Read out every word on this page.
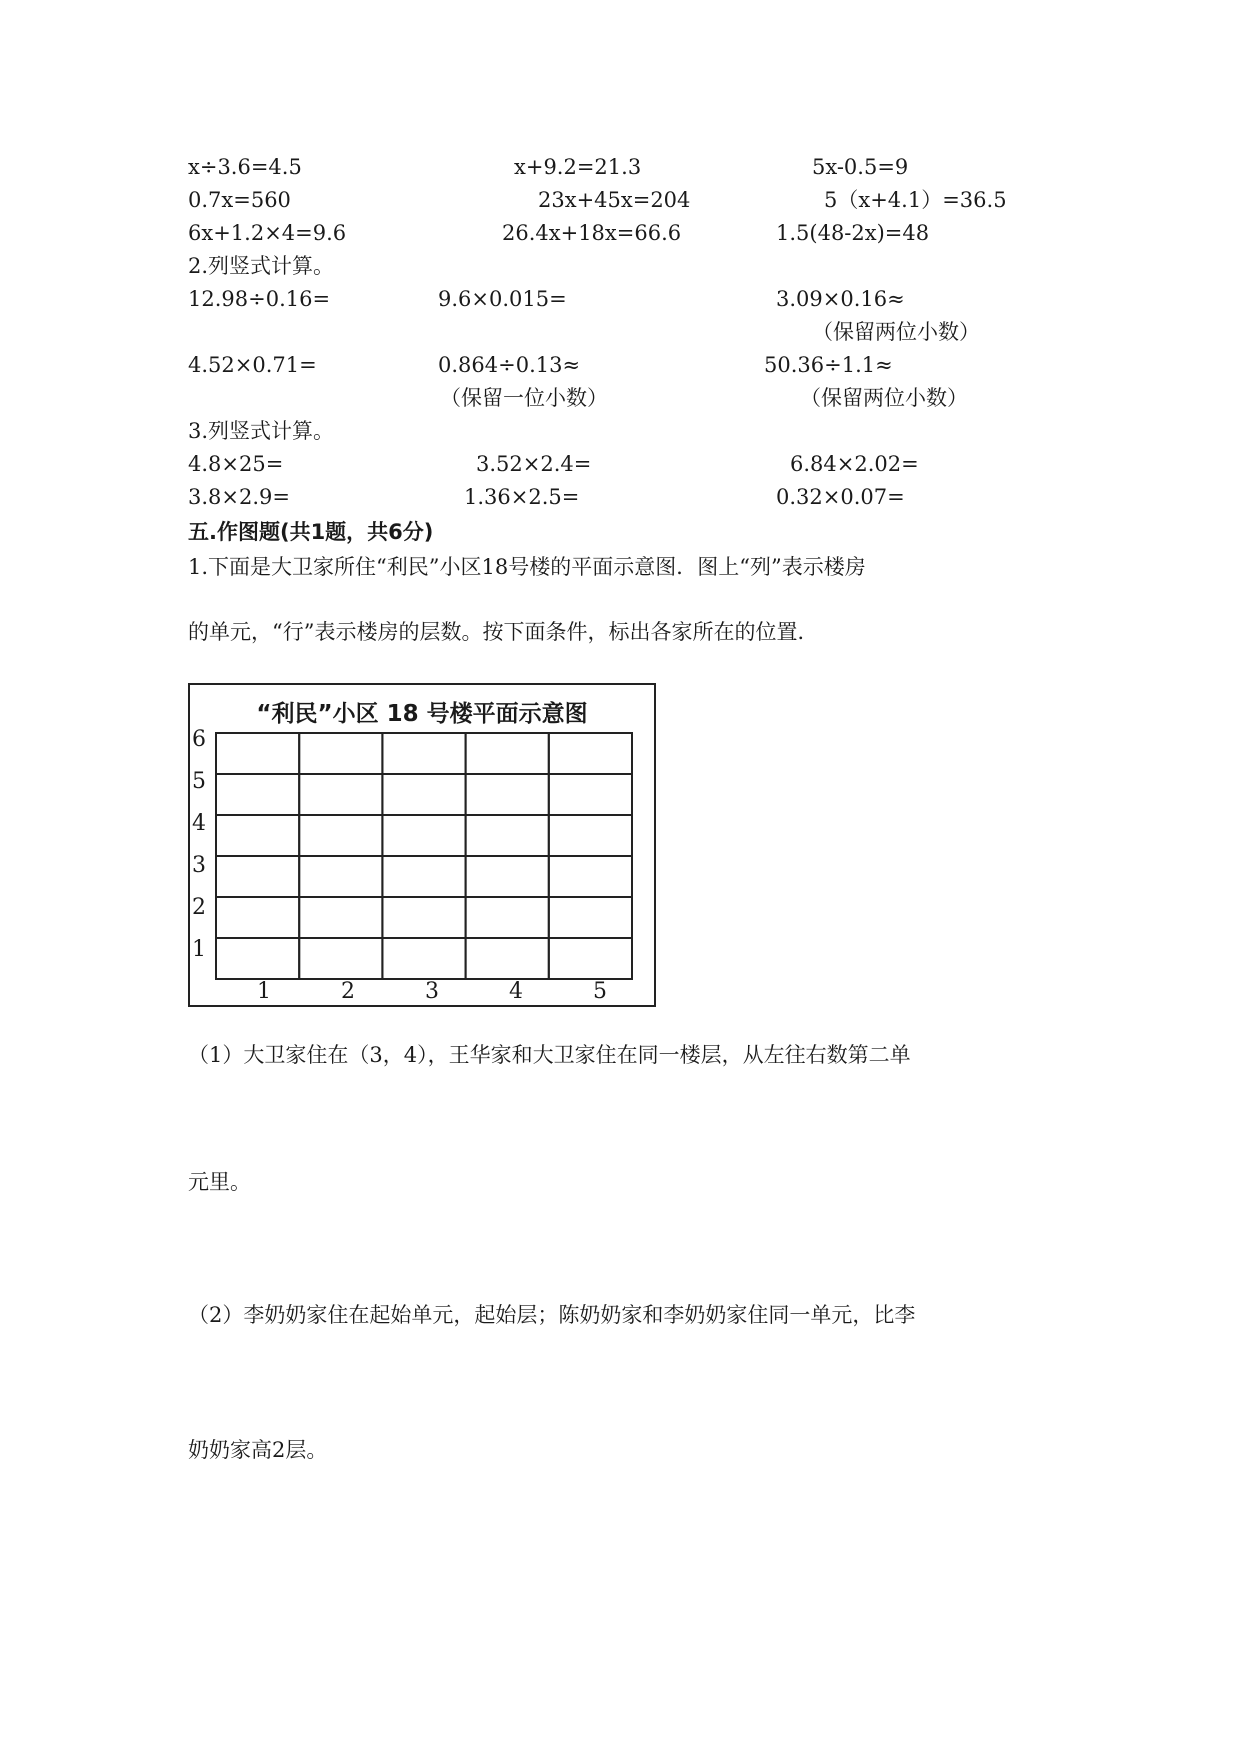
x÷3.6=4.5	x+9.2=21.3	5x-0.5=9
0.7x=560	23x+45x=204	5（x+4.1）=36.5
6x+1.2×4=9.6	26.4x+18x=66.6	1.5(48-2x)=48
2.列竖式计算。
12.98÷0.16=	9.6×0.015=	3.09×0.16≈
（保留两位小数）
4.52×0.71=	0.864÷0.13≈	50.36÷1.1≈
（保留一位小数）	（保留两位小数）
3.列竖式计算。
4.8×25=	3.52×2.4=	6.84×2.02=
3.8×2.9=	1.36×2.5=	0.32×0.07=
五.作图题(共1题，共6分)
1.下面是大卫家所住“利民”小区18号楼的平面示意图．图上“列”表示楼房
的单元，“行”表示楼房的层数。按下面条件，标出各家所在的位置．
“利民”小区 18 号楼平面示意图
6
5
4
3
2
1
1	2	3	4	5
（1）大卫家住在（3，4），王华家和大卫家住在同一楼层，从左往右数第二单
元里。
（2）李奶奶家住在起始单元，起始层；陈奶奶家和李奶奶家住同一单元，比李
奶奶家高2层。
